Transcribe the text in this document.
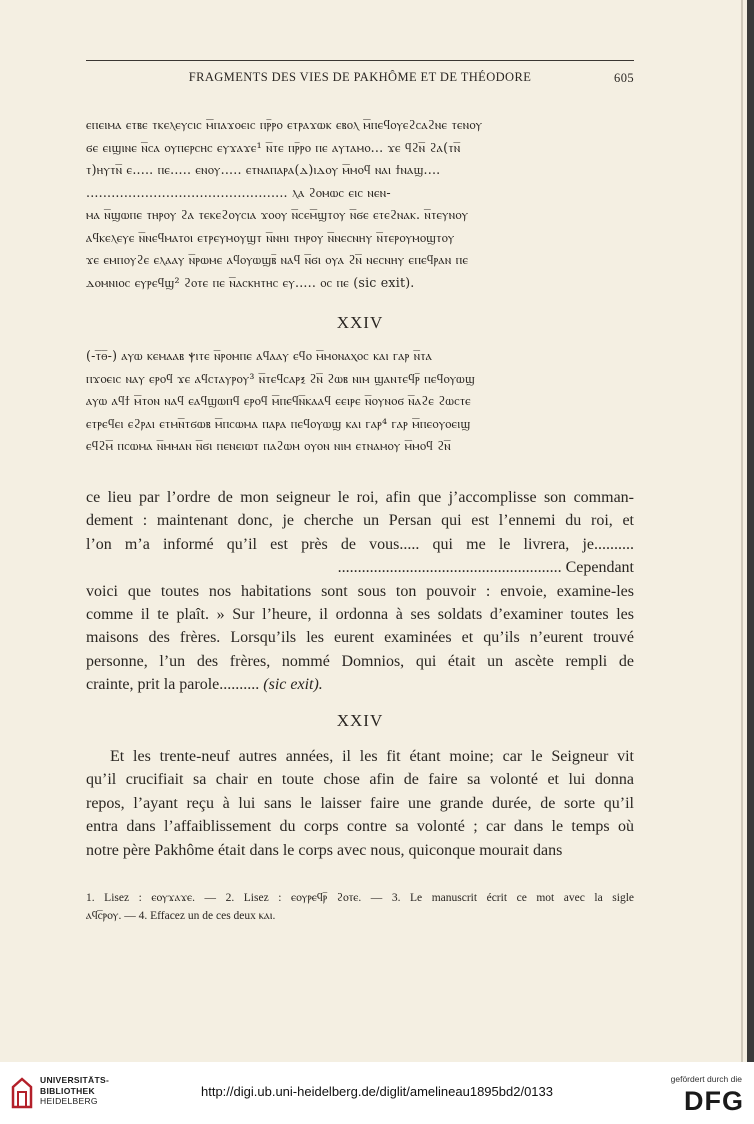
FRAGMENTS DES VIES DE PAKHÔME ET DE THÉODORE	605
ⲉⲡⲉⲓⲙⲁ ⲉⲧⲃⲉ ⲧⲕⲉⲗⲉⲩⲥⲓⲥ ⲙ̅ⲡⲁϫⲟⲉⲓⲥ ⲡⲣ̅ⲣⲟ ⲉⲧⲣⲁϫⲱⲕ ⲉⲃⲟⲗ ⲙ̅ⲡⲉϥⲟⲩⲉϩⲥⲁϩⲛⲉ ⲧⲉⲛⲟⲩ
ϭⲉ ⲉⲓϣⲓⲛⲉ ⲛ̅ⲥⲁ ⲟⲩⲡⲉⲣⲥⲏⲥ ⲉⲩϫⲁϫⲉ¹ ⲛ̅ⲧⲉ ⲡⲣ̅ⲣⲟ ⲡⲉ ⲁⲩⲧⲁⲙⲟ... ϫⲉ ϥϩⲛ̅ ϩⲁ(ⲧⲛ̅
ⲧ)ⲏⲩⲧⲛ̅ ⲉ..... ⲡⲉ..... ⲉⲛⲟⲩ..... ⲉⲧⲛⲁⲡⲁⲣⲁ(ⲇ)ⲓⲇⲟⲩ ⲙ̅ⲙⲟϥ ⲛⲁⲓ ϯⲛⲁϣ....
................................................ ⲗⲁ ϩⲟⲙⲱⲥ ⲉⲓⲥ ⲛⲉⲛ-
ⲙⲁ ⲛ̅ϣⲱⲡⲉ ⲧⲏⲣⲟⲩ ϩⲁ ⲧⲉⲕⲉϩⲟⲩⲥⲓⲁ ϫⲟⲟⲩ ⲛ̅ⲥⲉⲙ̅ϣⲧⲟⲩ ⲛ̅ϭⲉ ⲉⲧⲉϩⲛⲁⲕ. ⲛ̅ⲧⲉⲩⲛⲟⲩ
ⲁϥⲕⲉⲗⲉⲩⲉ ⲛ̅ⲛⲉϥⲙⲁⲧⲟⲓ ⲉⲧⲣⲉⲩⲙⲟⲩϣⲧ ⲛ̅ⲛⲏⲓ ⲧⲏⲣⲟⲩ ⲛ̅ⲛⲉⲥⲛⲏⲩ ⲛ̅ⲧⲉⲣⲟⲩⲙⲟϣⲧⲟⲩ
ϫⲉ ⲉⲙⲡⲟⲩϩⲉ ⲉⲗⲁⲁⲩ ⲛ̅ⲣⲱⲙⲉ ⲁϥⲟⲩⲱϣⲃ̅ ⲛⲁϥ ⲛ̅ϭⲓ ⲟⲩⲁ ϩⲛ̅ ⲛⲉⲥⲛⲏⲩ ⲉⲡⲉϥⲣⲁⲛ ⲡⲉ
ⲇⲟⲙⲛⲓⲟⲥ ⲉⲩⲣⲉϥϣ² ϩⲟⲧⲉ ⲡⲉ ⲛ̅ⲁⲥⲕⲏⲧⲏⲥ ⲉⲩ..... ⲟⲥ ⲡⲉ (sic exit).
XXIV
(-ⲧ̅ⲑ̅-) ⲁⲩⲱ ⲕⲉⲙⲁⲁⲃ ⲯⲓⲧⲉ ⲛ̅ⲣⲟⲙⲡⲉ ⲁϥⲁⲁⲩ ⲉϥⲟ ⲙ̅ⲙⲟⲛⲁⲭⲟⲥ ⲕⲁⲓ ⲅⲁⲣ ⲛ̅ⲧⲁ
ⲡϫⲟⲉⲓⲥ ⲛⲁⲩ ⲉⲣⲟϥ ϫⲉ ⲁϥⲥⲧⲁⲩⲣⲟⲩ³ ⲛ̅ⲧⲉϥⲥⲁⲣⲝ ϩⲛ̅ ϩⲱⲃ ⲛⲓⲙ ϣⲁⲛⲧⲉϥⲣ̅ ⲡⲉϥⲟⲩⲱϣ
ⲁⲩⲱ ⲁϥϯ ⲙ̅ⲧⲟⲛ ⲛⲁϥ ⲉⲁϥϣⲱⲡϥ ⲉⲣⲟϥ ⲙ̅ⲡⲉϥⲛ̅ⲕⲁⲁϥ ⲉⲉⲓⲣⲉ ⲛ̅ⲟⲩⲛⲟϭ ⲛ̅ⲁϩⲉ ϩⲱⲥⲧⲉ
ⲉⲧⲣⲉϥⲉⲓ ⲉϩⲣⲁⲓ ⲉⲧⲙⲛ̅ⲧϭⲱⲃ ⲙ̅ⲡⲥⲱⲙⲁ ⲡⲁⲣⲁ ⲡⲉϥⲟⲩⲱϣ ⲕⲁⲓ ⲅⲁⲣ⁴ ⲅⲁⲣ ⲙ̅ⲡⲉⲟⲩⲟⲉⲓϣ
ⲉϥϩⲙ̅ ⲡⲥⲱⲙⲁ ⲛ̅ⲙⲙⲁⲛ ⲛ̅ϭⲓ ⲡⲉⲛⲉⲓⲱⲧ ⲡⲁϩⲱⲙ ⲟⲩⲟⲛ ⲛⲓⲙ ⲉⲧⲛⲁⲙⲟⲩ ⲙ̅ⲙⲟϥ ϩⲛ̅
ce lieu par l’ordre de mon seigneur le roi, afin que j’accomplisse son comman-
dement : maintenant donc, je cherche un Persan qui est l’ennemi du roi, et
l’on m’a informé qu’il est près de vous..... qui me le livrera, je..........
........................................................ Cependant
voici que toutes nos habitations sont sous ton pouvoir : envoie, examine-les
comme il te plaît. » Sur l’heure, il ordonna à ses soldats d’examiner toutes les
maisons des frères. Lorsqu’ils les eurent examinées et qu’ils n’eurent trouvé
personne, l’un des frères, nommé Domnios, qui était un ascète rempli de
crainte, prit la parole.......... (sic exit).
XXIV
Et les trente-neuf autres années, il les fit étant moine; car le Seigneur vit
qu’il crucifiait sa chair en toute chose afin de faire sa volonté et lui donna
repos, l’ayant reçu à lui sans le laisser faire une grande durée, de sorte qu’il
entra dans l’affaiblissement du corps contre sa volonté ; car dans le temps où
notre père Pakhôme était dans le corps avec nous, quiconque mourait dans
1. Lisez : ⲉⲟⲩϫⲁϫⲉ. — 2. Lisez : ⲉⲟⲩⲣⲉϥⲣ̅ ϩⲟⲧⲉ. — 3. Le manuscrit écrit ce mot avec la sigle
ⲁϥⲥ̅ⲣⲟⲩ. — 4. Effacez un de ces deux ⲕⲁⲓ.
UNIVERSITÄTS-
BIBLIOTHEK
HEIDELBERG
http://digi.ub.uni-heidelberg.de/diglit/amelineau1895bd2/0133
gefördert durch die
DFG
